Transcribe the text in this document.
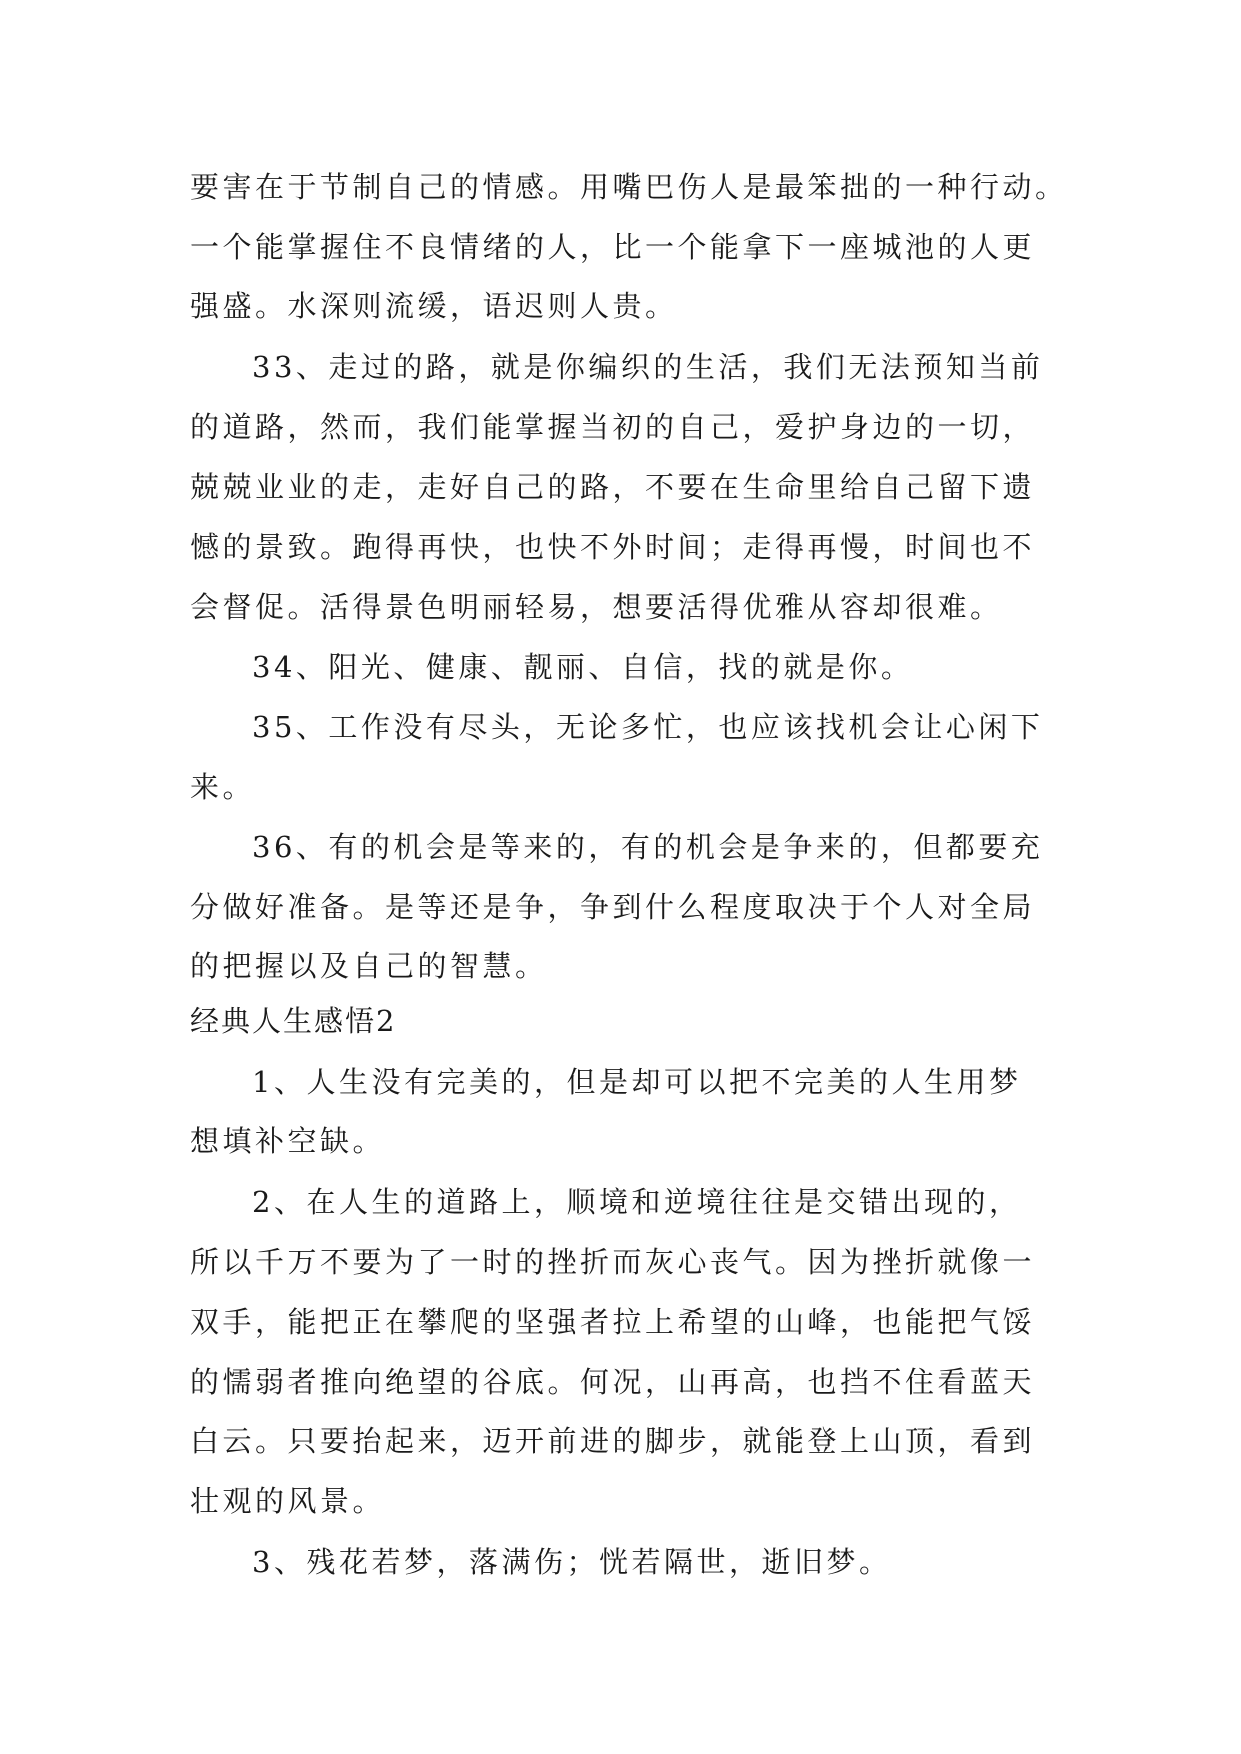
要害在于节制自己的情感。用嘴巴伤人是最笨拙的一种行动。
一个能掌握住不良情绪的人，比一个能拿下一座城池的人更
强盛。水深则流缓，语迟则人贵。
33、走过的路，就是你编织的生活，我们无法预知当前
的道路，然而，我们能掌握当初的自己，爱护身边的一切，
兢兢业业的走，走好自己的路，不要在生命里给自己留下遗
憾的景致。跑得再快，也快不外时间；走得再慢，时间也不
会督促。活得景色明丽轻易，想要活得优雅从容却很难。
34、阳光、健康、靓丽、自信，找的就是你。
35、工作没有尽头，无论多忙，也应该找机会让心闲下
来。
36、有的机会是等来的，有的机会是争来的，但都要充
分做好准备。是等还是争，争到什么程度取决于个人对全局
的把握以及自己的智慧。
经典人生感悟2
1、人生没有完美的，但是却可以把不完美的人生用梦
想填补空缺。
2、在人生的道路上，顺境和逆境往往是交错出现的，
所以千万不要为了一时的挫折而灰心丧气。因为挫折就像一
双手，能把正在攀爬的坚强者拉上希望的山峰，也能把气馁
的懦弱者推向绝望的谷底。何况，山再高，也挡不住看蓝天
白云。只要抬起来，迈开前进的脚步，就能登上山顶，看到
壮观的风景。
3、残花若梦，落满伤；恍若隔世，逝旧梦。
